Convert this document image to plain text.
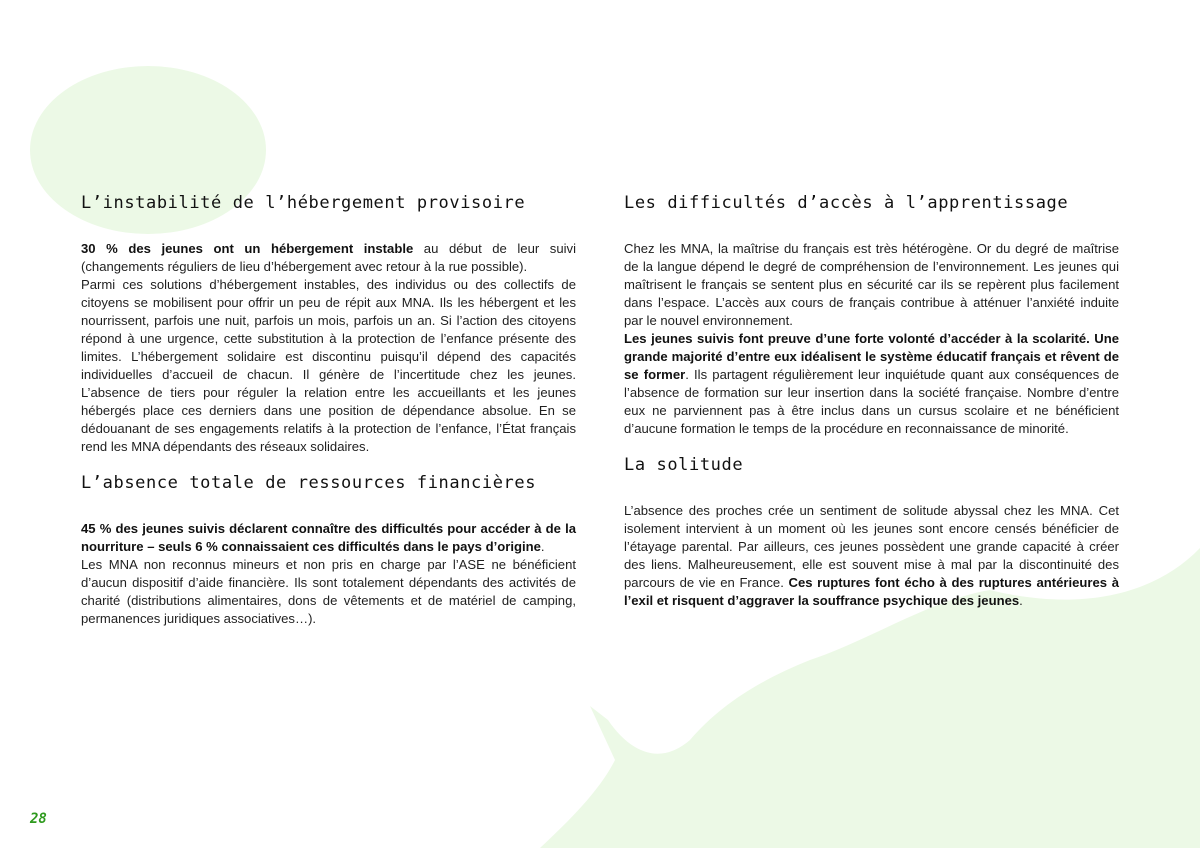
L’instabilité de l’hébergement provisoire

30 % des jeunes ont un hébergement instable au début de leur suivi (changements réguliers de lieu d’hébergement avec retour à la rue possible).
Parmi ces solutions d’hébergement instables, des individus ou des collectifs de citoyens se mobilisent pour offrir un peu de répit aux MNA. Ils les hébergent et les nourrissent, parfois une nuit, parfois un mois, parfois un an. Si l’action des citoyens répond à une urgence, cette substitution à la protection de l’enfance présente des limites. L’hébergement solidaire est discontinu puisqu’il dépend des capacités individuelles d’accueil de chacun. Il génère de l’incertitude chez les jeunes. L’absence de tiers pour réguler la relation entre les accueillants et les jeunes hébergés place ces derniers dans une position de dépendance absolue. En se dédouanant de ses engagements relatifs à la protection de l’enfance, l’État français rend les MNA dépendants des réseaux solidaires.

L’absence totale de ressources financières

45 % des jeunes suivis déclarent connaître des difficultés pour accéder à de la nourriture – seuls 6 % connaissaient ces difficultés dans le pays d’origine.
Les MNA non reconnus mineurs et non pris en charge par l’ASE ne bénéficient d’aucun dispositif d’aide financière. Ils sont totalement dépendants des activités de charité (distributions alimentaires, dons de vêtements et de matériel de camping, permanences juridiques associatives…).

Les difficultés d’accès à l’apprentissage

Chez les MNA, la maîtrise du français est très hétérogène. Or du degré de maîtrise de la langue dépend le degré de compréhension de l’environnement. Les jeunes qui maîtrisent le français se sentent plus en sécurité car ils se repèrent plus facilement dans l’espace. L’accès aux cours de français contribue à atténuer l’anxiété induite par le nouvel environnement.
Les jeunes suivis font preuve d’une forte volonté d’accéder à la scolarité. Une grande majorité d’entre eux idéalisent le système éducatif français et rêvent de se former. Ils partagent régulièrement leur inquiétude quant aux conséquences de l’absence de formation sur leur insertion dans la société française. Nombre d’entre eux ne parviennent pas à être inclus dans un cursus scolaire et ne bénéficient d’aucune formation le temps de la procédure en reconnaissance de minorité.

La solitude

L’absence des proches crée un sentiment de solitude abyssal chez les MNA. Cet isolement intervient à un moment où les jeunes sont encore censés bénéficier de l’étayage parental. Par ailleurs, ces jeunes possèdent une grande capacité à créer des liens. Malheureusement, elle est souvent mise à mal par la discontinuité des parcours de vie en France. Ces ruptures font écho à des ruptures antérieures à l’exil et risquent d’aggraver la souffrance psychique des jeunes.

28
